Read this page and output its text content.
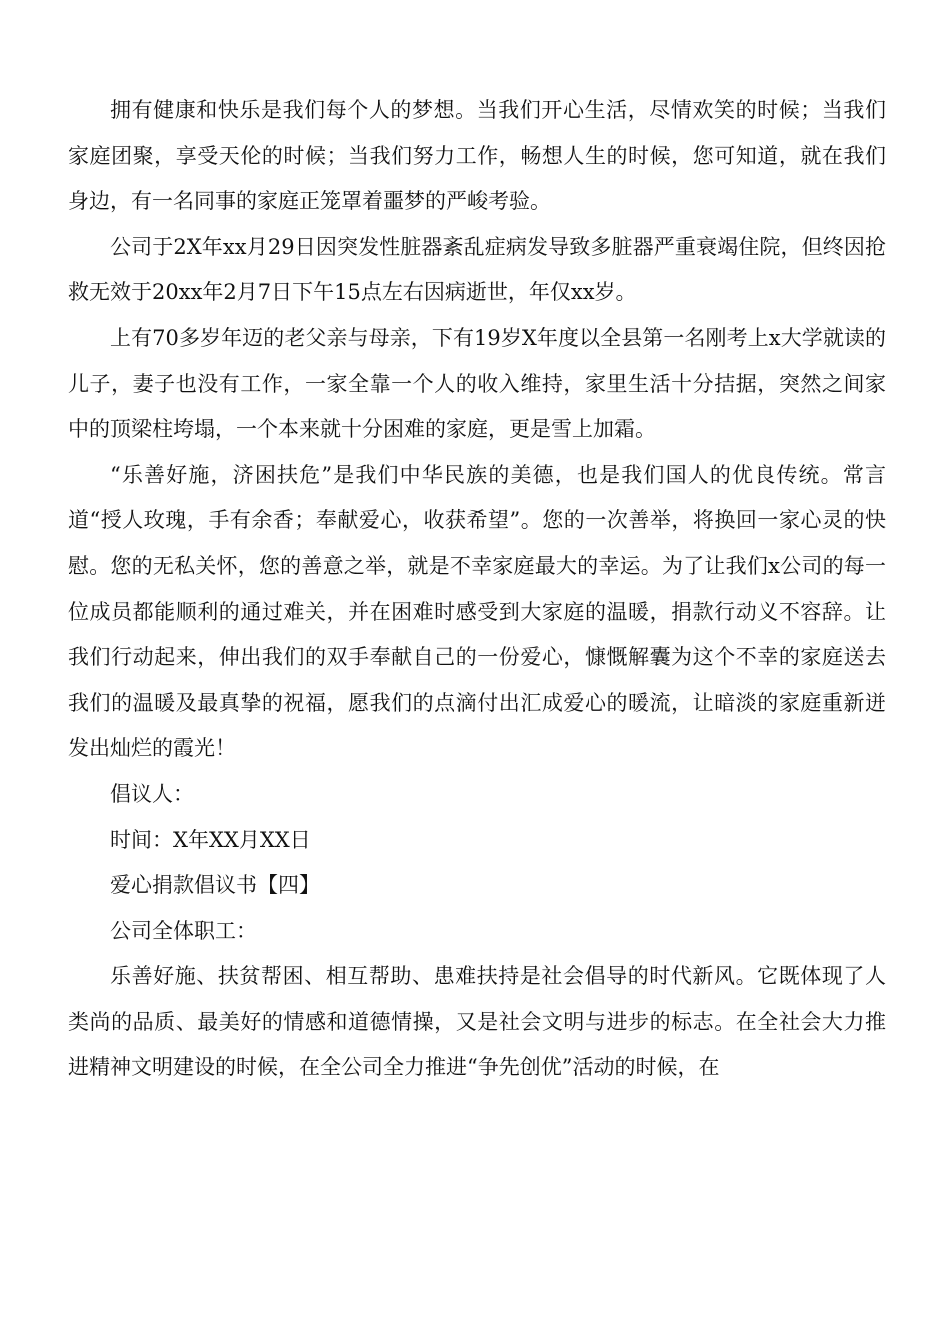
拥有健康和快乐是我们每个人的梦想。当我们开心生活，尽情欢笑的时候；当我们家庭团聚，享受天伦的时候；当我们努力工作，畅想人生的时候，您可知道，就在我们身边，有一名同事的家庭正笼罩着噩梦的严峻考验。

公司于2X年xx月29日因突发性脏器紊乱症病发导致多脏器严重衰竭住院，但终因抢救无效于20xx年2月7日下午15点左右因病逝世，年仅xx岁。

上有70多岁年迈的老父亲与母亲，下有19岁X年度以全县第一名刚考上x大学就读的儿子，妻子也没有工作，一家全靠一个人的收入维持，家里生活十分拮据，突然之间家中的顶梁柱垮塌，一个本来就十分困难的家庭，更是雪上加霜。

“乐善好施，济困扶危”是我们中华民族的美德，也是我们国人的优良传统。常言道“授人玫瑰，手有余香；奉献爱心，收获希望”。您的一次善举，将换回一家心灵的快慰。您的无私关怀，您的善意之举，就是不幸家庭最大的幸运。为了让我们x公司的每一位成员都能顺利的通过难关，并在困难时感受到大家庭的温暖，捐款行动义不容辞。让我们行动起来，伸出我们的双手奉献自己的一份爱心，慷慨解囊为这个不幸的家庭送去我们的温暖及最真挚的祝福，愿我们的点滴付出汇成爱心的暖流，让暗淡的家庭重新迸发出灿烂的霞光！

倡议人：

时间：X年XX月XX日

爱心捐款倡议书【四】

公司全体职工：

乐善好施、扶贫帮困、相互帮助、患难扶持是社会倡导的时代新风。它既体现了人类尚的品质、最美好的情感和道德情操，又是社会文明与进步的标志。在全社会大力推进精神文明建设的时候，在全公司全力推进“争先创优”活动的时候，在
